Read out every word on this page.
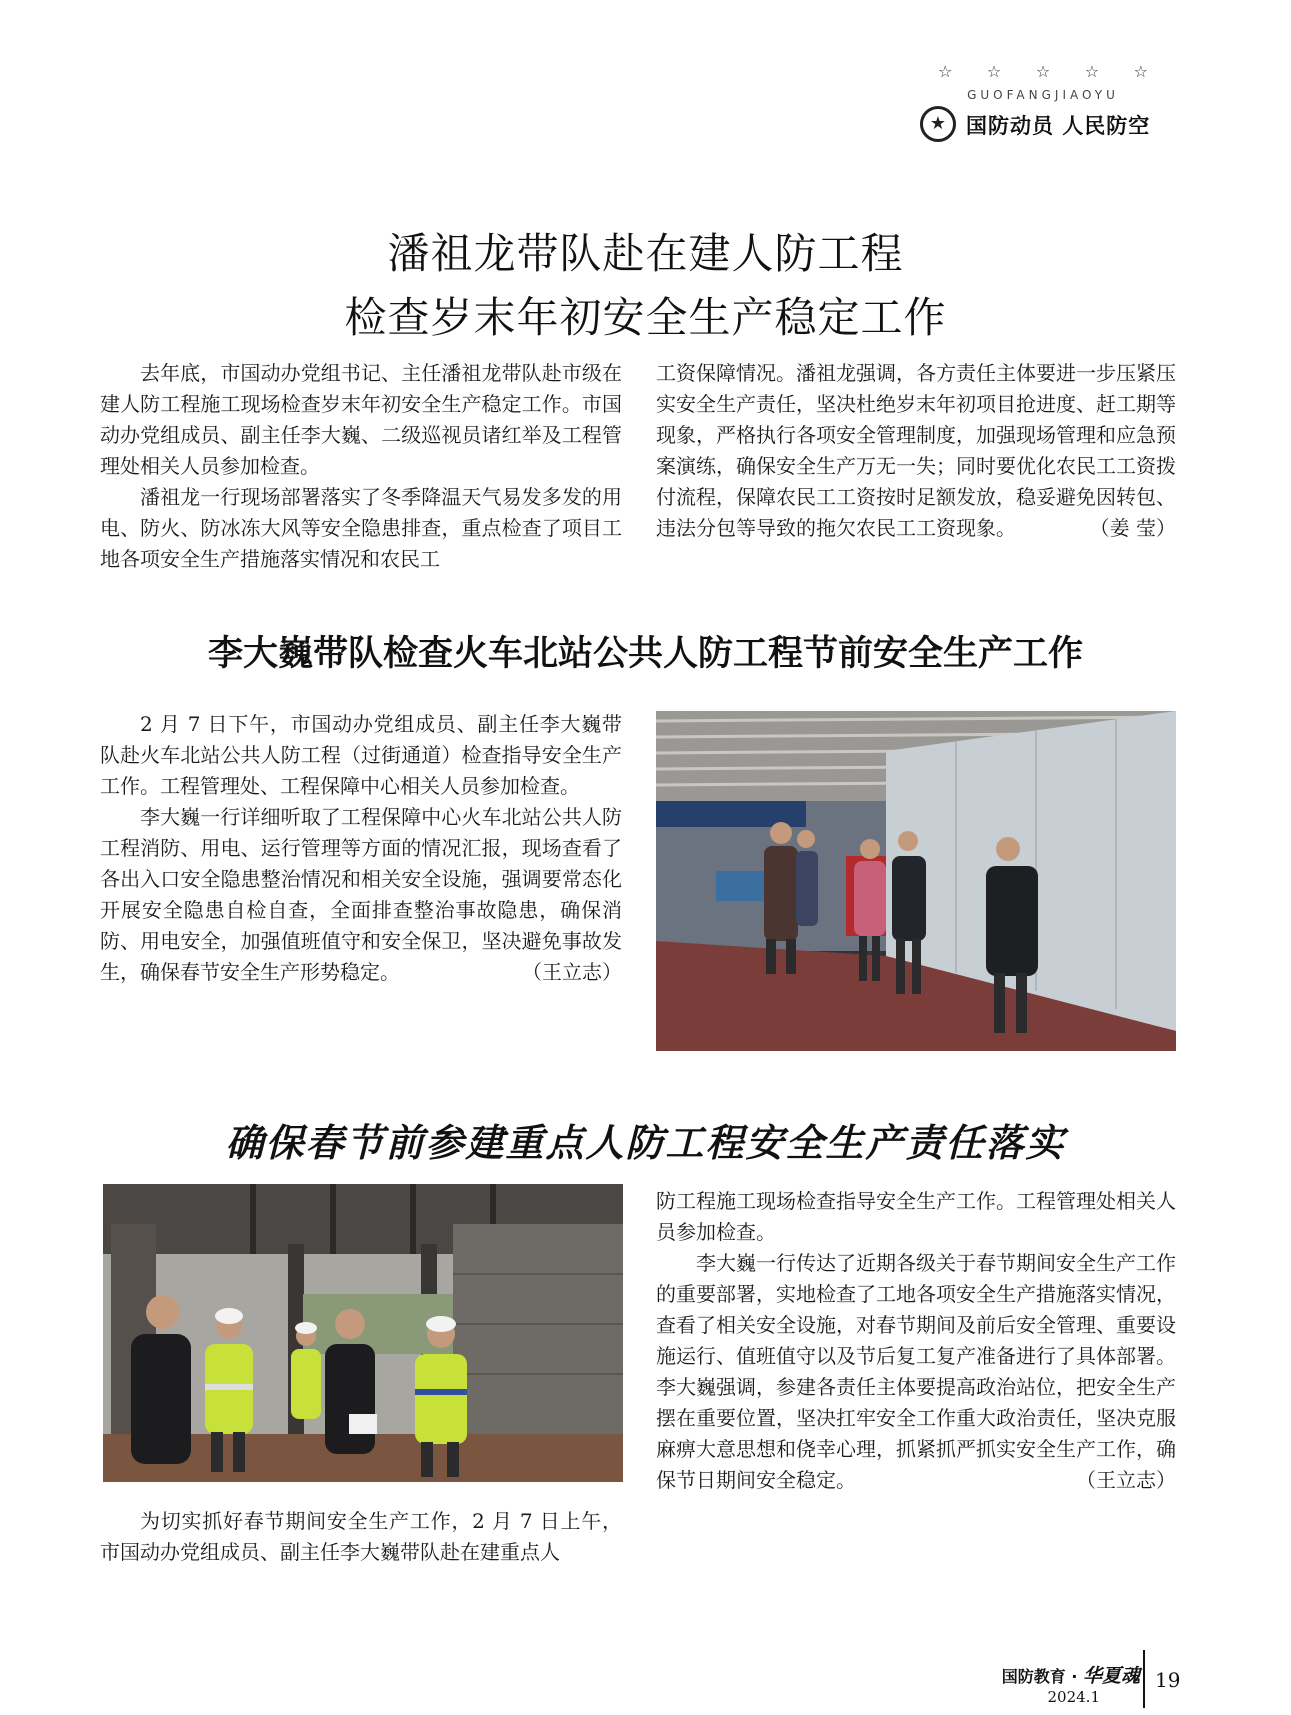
☆ ☆ ☆ ☆ ☆
GUOFANGJIAOYU
★ 国防动员 人民防空
潘祖龙带队赴在建人防工程
检查岁末年初安全生产稳定工作

去年底，市国动办党组书记、主任潘祖龙带队赴市级在建人防工程施工现场检查岁末年初安全生产稳定工作。市国动办党组成员、副主任李大巍、二级巡视员诸红举及工程管理处相关人员参加检查。

潘祖龙一行现场部署落实了冬季降温天气易发多发的用电、防火、防冰冻大风等安全隐患排查，重点检查了项目工地各项安全生产措施落实情况和农民工

工资保障情况。潘祖龙强调，各方责任主体要进一步压紧压实安全生产责任，坚决杜绝岁末年初项目抢进度、赶工期等现象，严格执行各项安全管理制度，加强现场管理和应急预案演练，确保安全生产万无一失；同时要优化农民工工资拨付流程，保障农民工工资按时足额发放，稳妥避免因转包、违法分包等导致的拖欠农民工工资现象。	（姜 莹）

李大巍带队检查火车北站公共人防工程节前安全生产工作

2 月 7 日下午，市国动办党组成员、副主任李大巍带队赴火车北站公共人防工程（过街通道）检查指导安全生产工作。工程管理处、工程保障中心相关人员参加检查。

李大巍一行详细听取了工程保障中心火车北站公共人防工程消防、用电、运行管理等方面的情况汇报，现场查看了各出入口安全隐患整治情况和相关安全设施，强调要常态化开展安全隐患自检自查，全面排查整治事故隐患，确保消防、用电安全，加强值班值守和安全保卫，坚决避免事故发生，确保春节安全生产形势稳定。	（王立志）

确保春节前参建重点人防工程安全生产责任落实

为切实抓好春节期间安全生产工作，2 月 7 日上午，市国动办党组成员、副主任李大巍带队赴在建重点人

防工程施工现场检查指导安全生产工作。工程管理处相关人员参加检查。

李大巍一行传达了近期各级关于春节期间安全生产工作的重要部署，实地检查了工地各项安全生产措施落实情况，查看了相关安全设施，对春节期间及前后安全管理、重要设施运行、值班值守以及节后复工复产准备进行了具体部署。李大巍强调，参建各责任主体要提高政治站位，把安全生产摆在重要位置，坚决扛牢安全工作重大政治责任，坚决克服麻痹大意思想和侥幸心理，抓紧抓严抓实安全生产工作，确保节日期间安全稳定。	（王立志）

国防教育 · 华夏魂
2024.1
19
